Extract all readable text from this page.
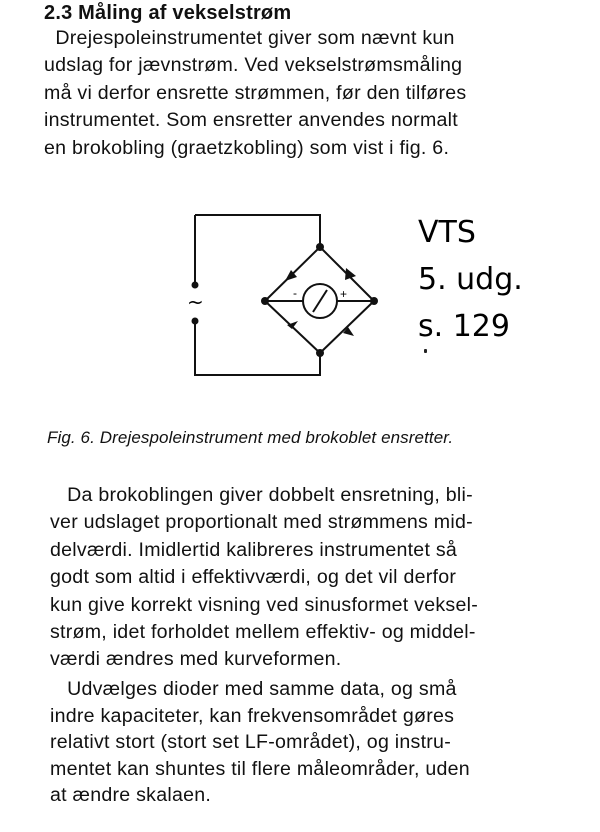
2.3 Måling af vekselstrøm

Drejespoleinstrumentet giver som nævnt kun
udslag for jævnstrøm. Ved vekselstrømsmåling
må vi derfor ensrette strømmen, før den tilføres
instrumentet. Som ensretter anvendes normalt
en brokobling (graetzkobling) som vist i fig. 6.

~	-	+
VTS
5. udg.
s. 129
Fig. 6. Drejespoleinstrument med brokoblet ensretter.

Da brokoblingen giver dobbelt ensretning, bli-
ver udslaget proportionalt med strømmens mid-
delværdi. Imidlertid kalibreres instrumentet så
godt som altid i effektivværdi, og det vil derfor
kun give korrekt visning ved sinusformet veksel-
strøm, idet forholdet mellem effektiv- og middel-
værdi ændres med kurveformen.

Udvælges dioder med samme data, og små
indre kapaciteter, kan frekvensområdet gøres
relativt stort (stort set LF-området), og instru-
mentet kan shuntes til flere måleområder, uden
at ændre skalaen.
